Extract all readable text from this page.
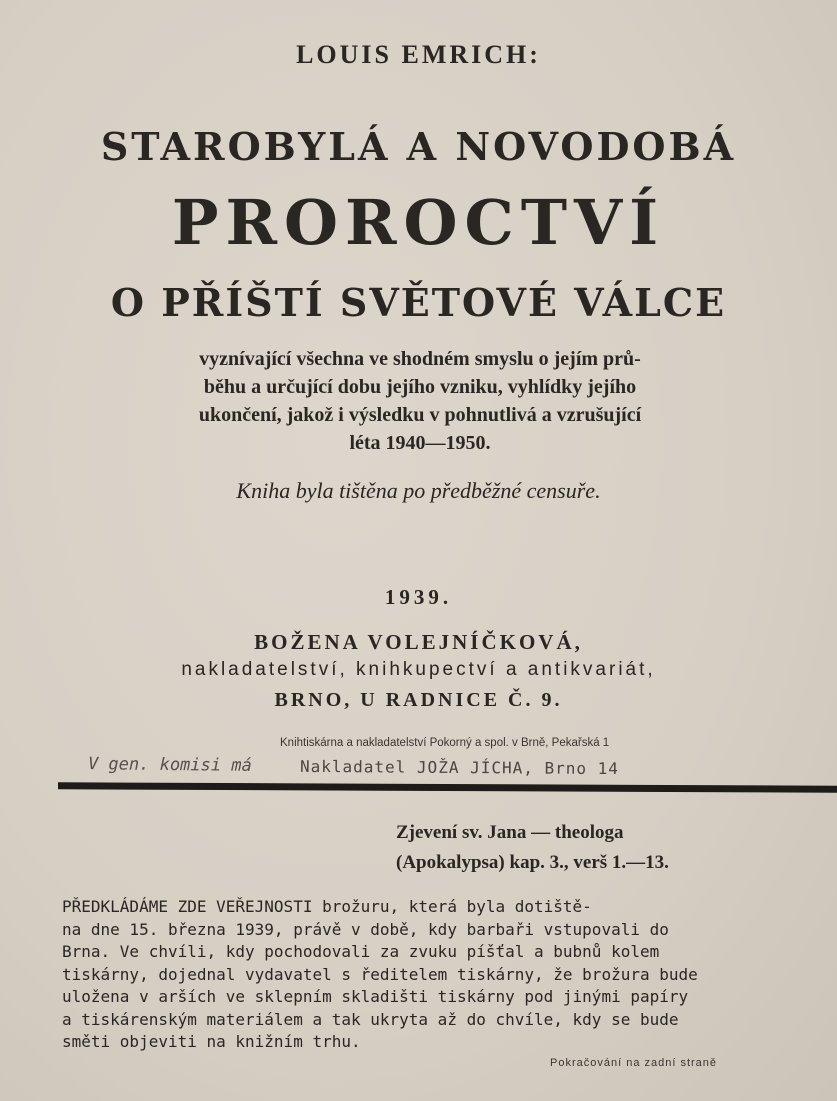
LOUIS EMRICH:
STAROBYLÁ A NOVODOBÁ
PROROCTVÍ
O PŘÍŠTÍ SVĚTOVÉ VÁLCE
vyznívající všechna ve shodném smyslu o jejím prů-
běhu a určující dobu jejího vzniku, vyhlídky jejího
ukončení, jakož i výsledku v pohnutlivá a vzrušující
léta 1940—1950.
Kniha byla tištěna po předběžné censuře.
1939.
BOŽENA VOLEJNÍČKOVÁ,
nakladatelství, knihkupectví a antikvariát,
BRNO, U RADNICE Č. 9.
Knihtiskárna a nakladatelství Pokorný a spol. v Brně, Pekařská 1
V gen. komisi má	Nakladatel JOŽA JÍCHA, Brno 14
Zjevení sv. Jana — theologa
(Apokalypsa) kap. 3., verš 1.—13.
PŘEDKLÁDÁME ZDE VEŘEJNOSTI brožuru, která byla dotiště-
na dne 15. března 1939, právě v době, kdy barbaři vstupovali do
Brna. Ve chvíli, kdy pochodovali za zvuku píšťal a bubnů kolem
tiskárny, dojednal vydavatel s ředitelem tiskárny, že brožura bude
uložena v arších ve sklepním skladišti tiskárny pod jinými papíry
a tiskárenským materiálem a tak ukryta až do chvíle, kdy se bude
směti objeviti na knižním trhu.
Pokračování na zadní straně
